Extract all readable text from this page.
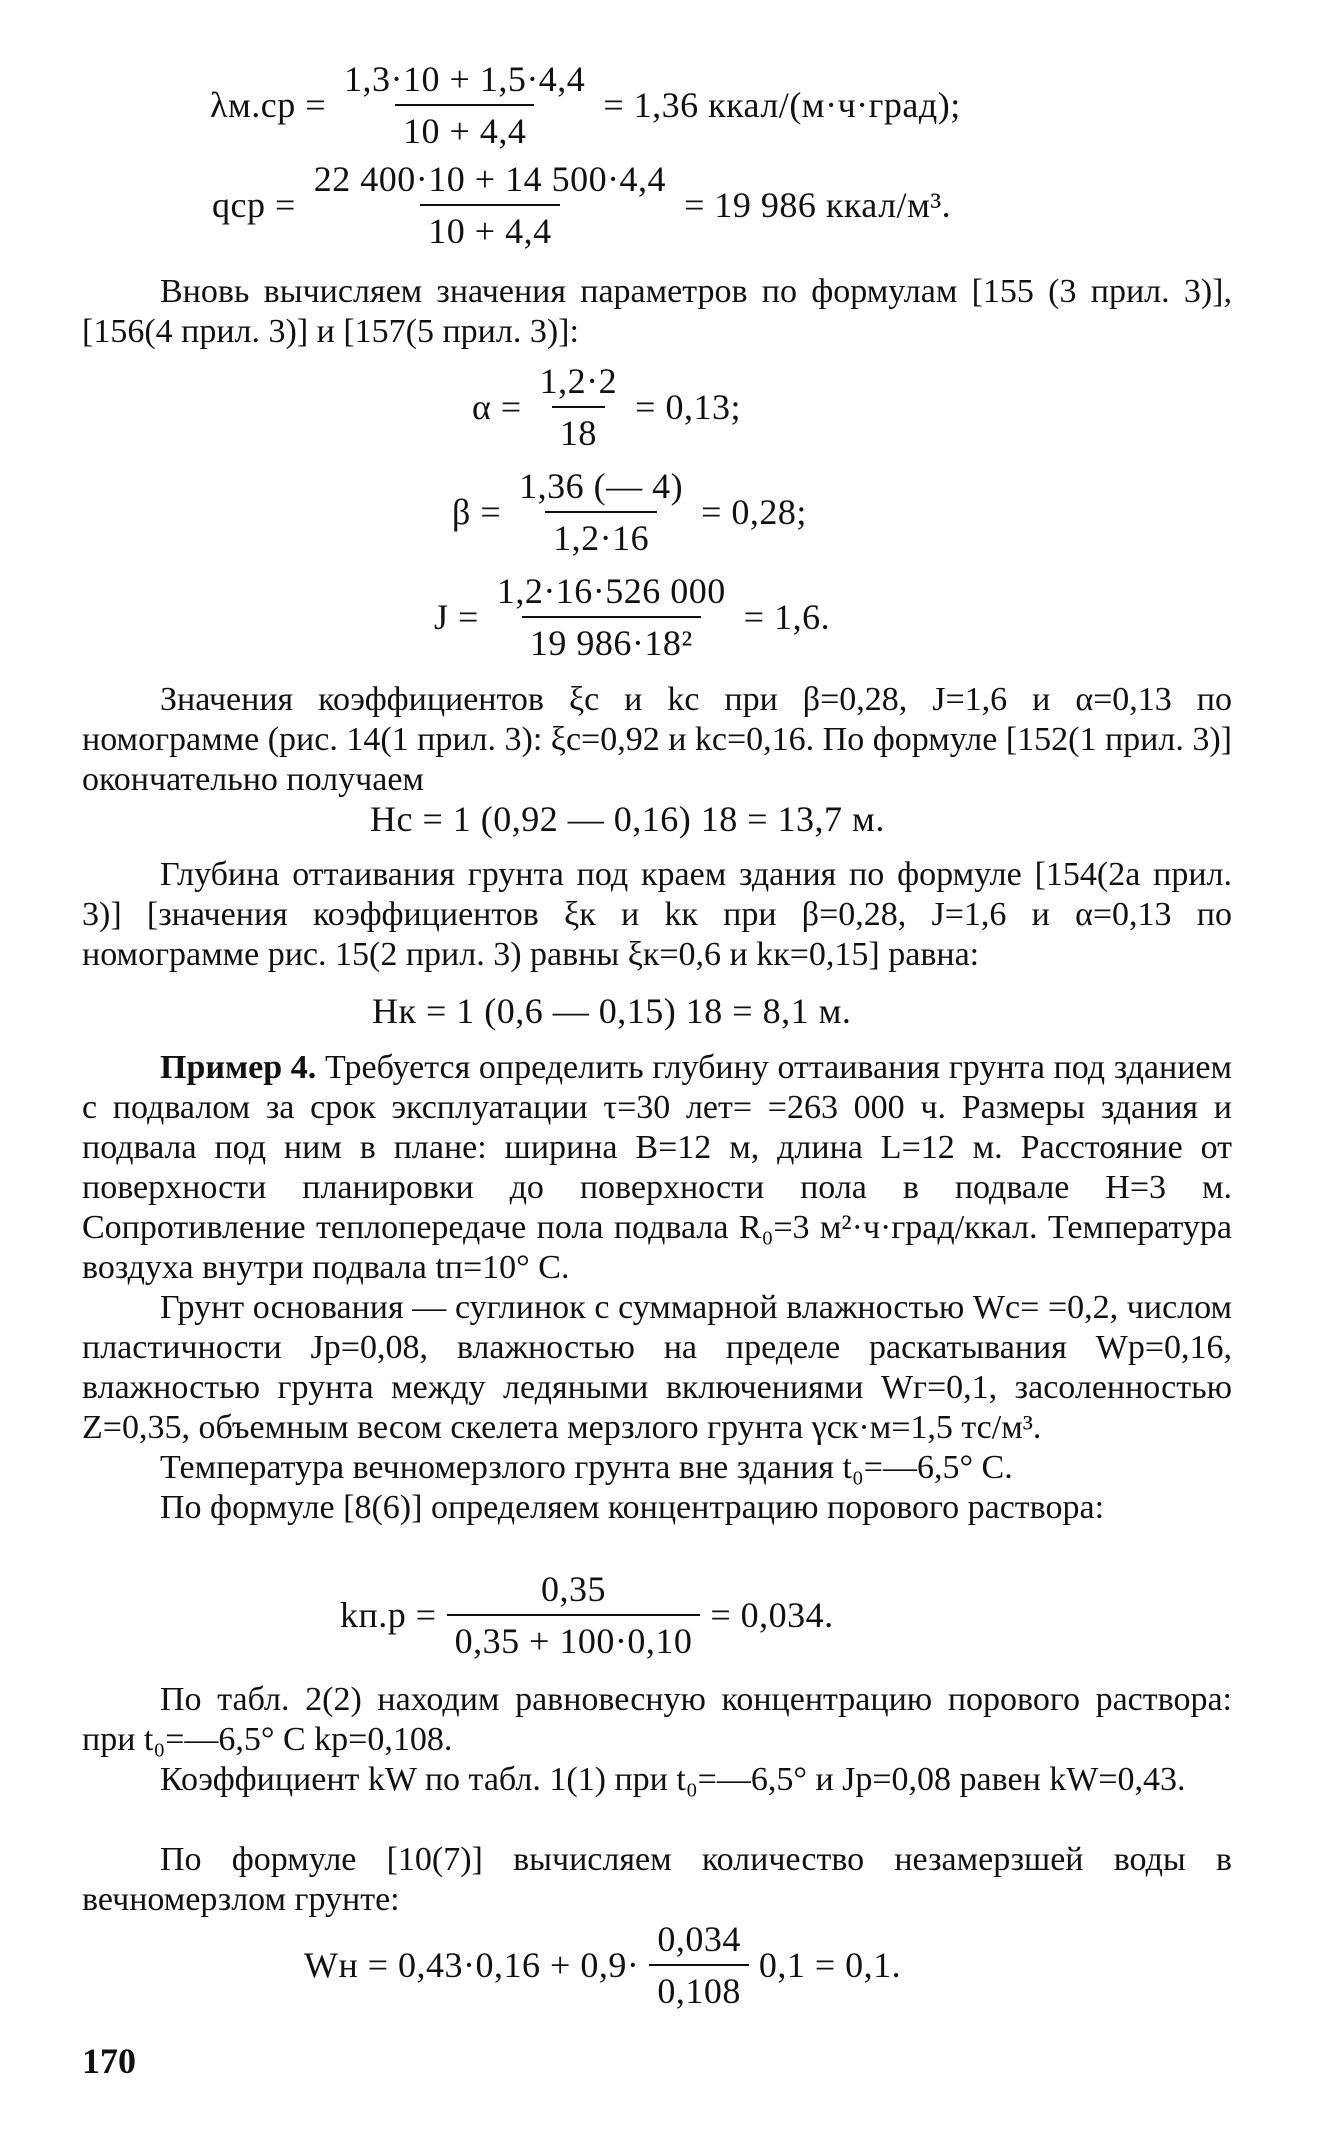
$\lambda м.ср = \frac{1,3\cdot 10 + 1,5\cdot 4,4}{10 + 4,4} = 1,36$ ккал/(м·ч·град);
qср = $\frac{22 400\cdot 10 + 14 500\cdot 4,4}{10 + 4,4} = 19$ 986 ккал/м³.

Вновь вычисляем значения параметров по формулам [155 (3 прил. 3)], [156(4 прил. 3)] и [157(5 прил. 3)]:

$\alpha = \frac{1,2\cdot 2}{18} = 0,13$;
$\beta = \frac{1,36 (— 4)}{1,2\cdot 16} = 0,28$;
$J = \frac{1,2\cdot 16\cdot 526 000}{\text{19 986·18²}} = 1,6$.

Значения коэффициентов ξс и kс при β=0,28, J=1,6 и α=0,13 по номограмме (рис. 14(1 прил. 3): ξс=0,92 и kс=0,16. По формуле [152(1 прил. 3)] окончательно получаем

Hс = 1 (0,92 — 0,16) 18 = 13,7 м.

Глубина оттаивания грунта под краем здания по формуле [154(2а прил. 3)] [значения коэффициентов ξк и kк при β=0,28, J=1,6 и α=0,13 по номограмме рис. 15(2 прил. 3) равны ξк=0,6 и kк=0,15] равна:

Hк = 1 (0,6 — 0,15) 18 = 8,1 м.

Пример 4. Требуется определить глубину оттаивания грунта под зданием с подвалом за срок эксплуатации τ=30 лет= =263 000 ч. Размеры здания и подвала под ним в плане: ширина B=12 м, длина L=12 м. Расстояние от поверхности планировки до поверхности пола в подвале H=3 м. Сопротивление теплопередаче пола подвала R₀=3 м²·ч·град/ккал. Температура воздуха внутри подвала tп=10° С.

Грунт основания — суглинок с суммарной влажностью Wс= =0,2, числом пластичности Jр=0,08, влажностью на пределе раскатывания Wр=0,16, влажностью грунта между ледяными включениями Wг=0,1, засоленностью Z=0,35, объемным весом скелета мерзлого грунта γск·м=1,5 тс/м³.

Температура вечномерзлого грунта вне здания t₀=—6,5° С.

По формуле [8(6)] определяем концентрацию порового раствора:

$kп.р = \frac{0,35}{0,35 + 100\cdot 0,10} = 0,034$.

По табл. 2(2) находим равновесную концентрацию порового раствора: при t₀=—6,5° С kр=0,108.

Коэффициент kW по табл. 1(1) при t₀=—6,5° и Jр=0,08 равен kW=0,43.

По формуле [10(7)] вычисляем количество незамерзшей воды в вечномерзлом грунте:

Wн = $0,43\cdot 0,16 + 0,9\cdot \frac{0,034}{0,108} 0,1 = 0,1$.
170
